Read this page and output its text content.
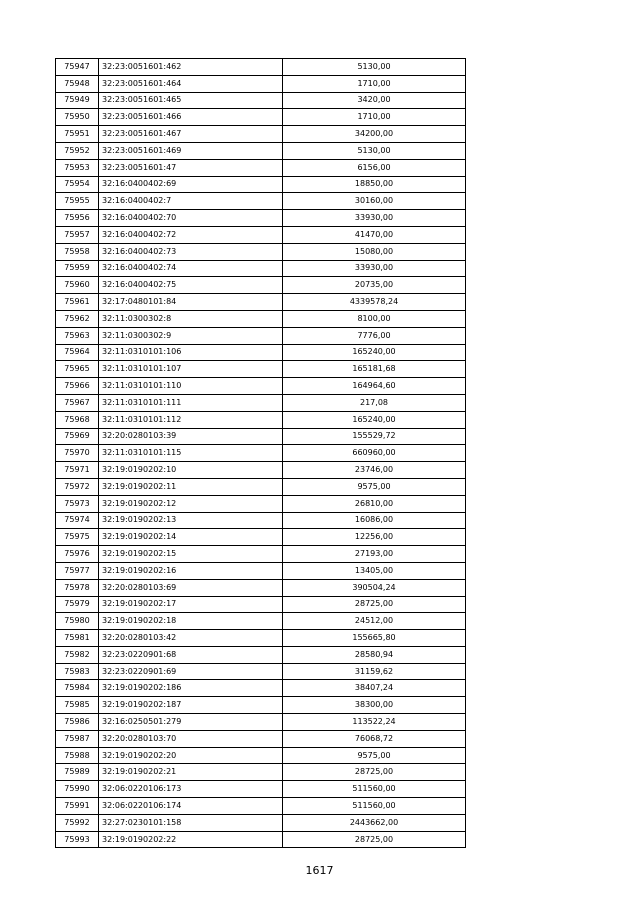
75947	32:23:0051601:462	5130,00
75948	32:23:0051601:464	1710,00
75949	32:23:0051601:465	3420,00
75950	32:23:0051601:466	1710,00
75951	32:23:0051601:467	34200,00
75952	32:23:0051601:469	5130,00
75953	32:23:0051601:47	6156,00
75954	32:16:0400402:69	18850,00
75955	32:16:0400402:7	30160,00
75956	32:16:0400402:70	33930,00
75957	32:16:0400402:72	41470,00
75958	32:16:0400402:73	15080,00
75959	32:16:0400402:74	33930,00
75960	32:16:0400402:75	20735,00
75961	32:17:0480101:84	4339578,24
75962	32:11:0300302:8	8100,00
75963	32:11:0300302:9	7776,00
75964	32:11:0310101:106	165240,00
75965	32:11:0310101:107	165181,68
75966	32:11:0310101:110	164964,60
75967	32:11:0310101:111	217,08
75968	32:11:0310101:112	165240,00
75969	32:20:0280103:39	155529,72
75970	32:11:0310101:115	660960,00
75971	32:19:0190202:10	23746,00
75972	32:19:0190202:11	9575,00
75973	32:19:0190202:12	26810,00
75974	32:19:0190202:13	16086,00
75975	32:19:0190202:14	12256,00
75976	32:19:0190202:15	27193,00
75977	32:19:0190202:16	13405,00
75978	32:20:0280103:69	390504,24
75979	32:19:0190202:17	28725,00
75980	32:19:0190202:18	24512,00
75981	32:20:0280103:42	155665,80
75982	32:23:0220901:68	28580,94
75983	32:23:0220901:69	31159,62
75984	32:19:0190202:186	38407,24
75985	32:19:0190202:187	38300,00
75986	32:16:0250501:279	113522,24
75987	32:20:0280103:70	76068,72
75988	32:19:0190202:20	9575,00
75989	32:19:0190202:21	28725,00
75990	32:06:0220106:173	511560,00
75991	32:06:0220106:174	511560,00
75992	32:27:0230101:158	2443662,00
75993	32:19:0190202:22	28725,00
1617
